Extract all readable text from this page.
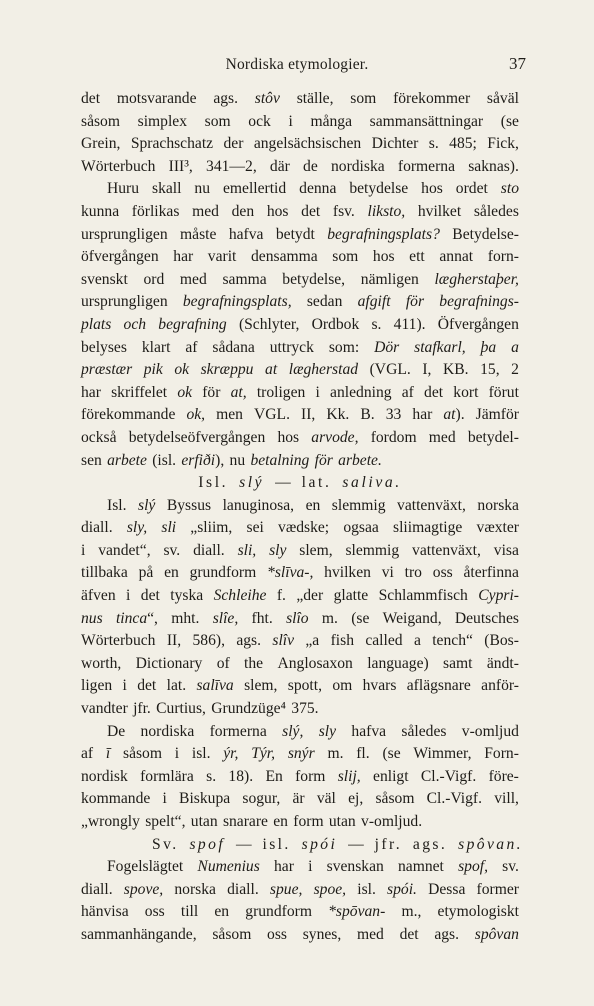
Nordiska etymologier.	37
det motsvarande ags. stôv ställe, som förekommer såväl
såsom simplex som ock i många sammansättningar (se
Grein, Sprachschatz der angelsächsischen Dichter s. 485; Fick,
Wörterbuch III³, 341—2, där de nordiska formerna saknas).
Huru skall nu emellertid denna betydelse hos ordet sto
kunna förlikas med den hos det fsv. liksto, hvilket således
ursprungligen måste hafva betydt begrafningsplats? Betydelse-
öfvergången har varit densamma som hos ett annat forn-
svenskt ord med samma betydelse, nämligen lægherstaþer,
ursprungligen begrafningsplats, sedan afgift för begrafnings-
plats och begrafning (Schlyter, Ordbok s. 411). Öfvergången
belyses klart af sådana uttryck som: Dör stafkarl, þa a
præstær pik ok skræppu at lægherstad (VGL. I, KB. 15, 2
har skriffelet ok för at, troligen i anledning af det kort förut
förekommande ok, men VGL. II, Kk. B. 33 har at). Jämför
också betydelseöfvergången hos arvode, fordom med betydel-
sen arbete (isl. erfiði), nu betalning för arbete.
Isl. slý — lat. saliva.
Isl. slý Byssus lanuginosa, en slemmig vattenväxt, norska
diall. sly, sli „sliim, sei vædske; ogsaa sliimagtige væxter
i vandet“, sv. diall. sli, sly slem, slemmig vattenväxt, visa
tillbaka på en grundform *slīva-, hvilken vi tro oss återfinna
äfven i det tyska Schleihe f. „der glatte Schlammfisch Cypri-
nus tinca“, mht. slîe, fht. slîo m. (se Weigand, Deutsches
Wörterbuch II, 586), ags. slîv „a fish called a tench“ (Bos-
worth, Dictionary of the Anglosaxon language) samt ändt-
ligen i det lat. salīva slem, spott, om hvars aflägsnare anför-
vandter jfr. Curtius, Grundzüge⁴ 375.
De nordiska formerna slý, sly hafva således v-omljud
af ī såsom i isl. ýr, Týr, snýr m. fl. (se Wimmer, Forn-
nordisk formlära s. 18). En form slij, enligt Cl.-Vigf. före-
kommande i Biskupa sogur, är väl ej, såsom Cl.-Vigf. vill,
„wrongly spelt“, utan snarare en form utan v-omljud.
Sv. spof — isl. spói — jfr. ags. spôvan.
Fogelslägtet Numenius har i svenskan namnet spof, sv.
diall. spove, norska diall. spue, spoe, isl. spói. Dessa former
hänvisa oss till en grundform *spōvan- m., etymologiskt
sammanhängande, såsom oss synes, med det ags. spôvan
